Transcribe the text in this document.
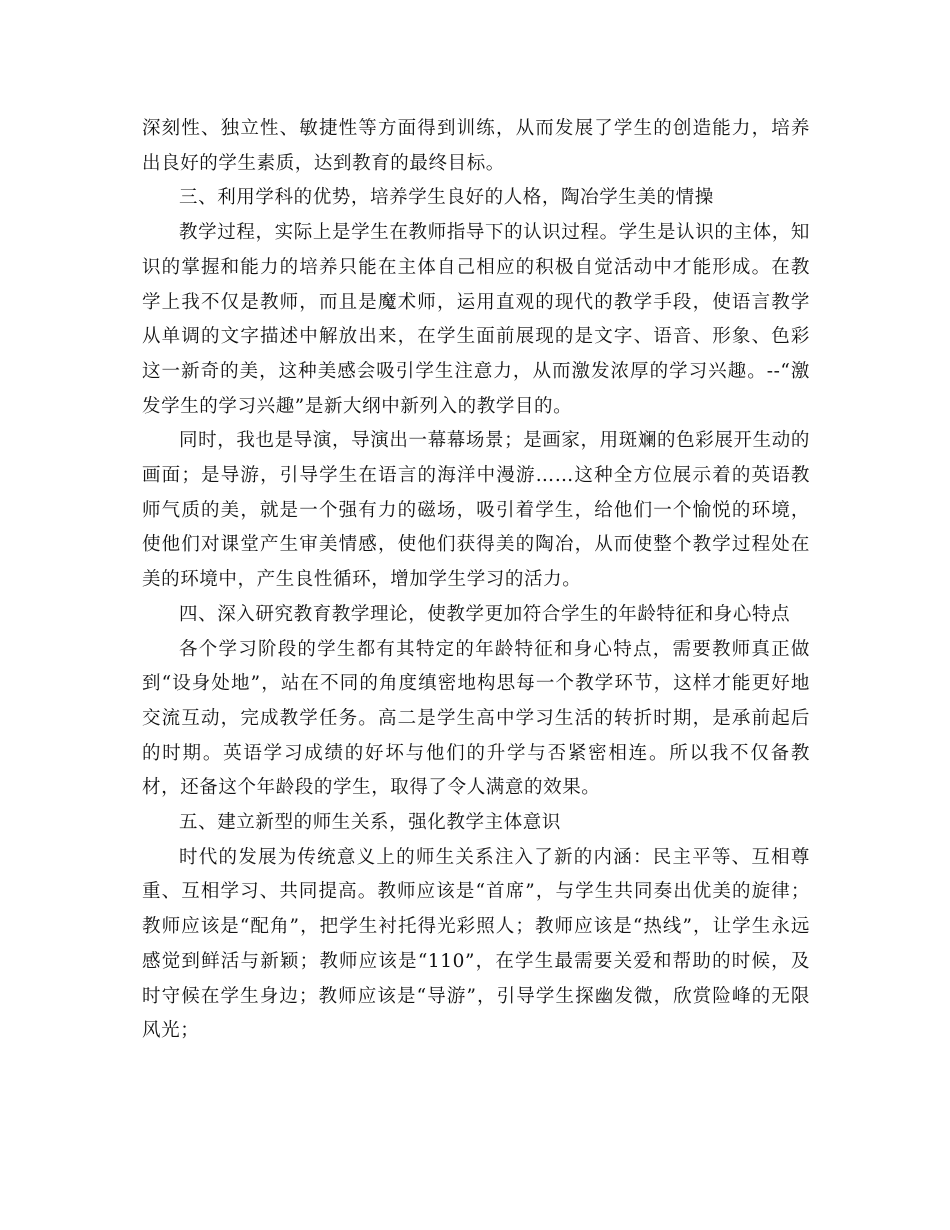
深刻性、独立性、敏捷性等方面得到训练，从而发展了学生的创造能力，培养出良好的学生素质，达到教育的最终目标。

三、利用学科的优势，培养学生良好的人格，陶冶学生美的情操

教学过程，实际上是学生在教师指导下的认识过程。学生是认识的主体，知识的掌握和能力的培养只能在主体自己相应的积极自觉活动中才能形成。在教学上我不仅是教师，而且是魔术师，运用直观的现代的教学手段，使语言教学从单调的文字描述中解放出来，在学生面前展现的是文字、语音、形象、色彩这一新奇的美，这种美感会吸引学生注意力，从而激发浓厚的学习兴趣。--“激发学生的学习兴趣”是新大纲中新列入的教学目的。

同时，我也是导演，导演出一幕幕场景；是画家，用斑斓的色彩展开生动的画面；是导游，引导学生在语言的海洋中漫游……这种全方位展示着的英语教师气质的美，就是一个强有力的磁场，吸引着学生，给他们一个愉悦的环境，使他们对课堂产生审美情感，使他们获得美的陶冶，从而使整个教学过程处在美的环境中，产生良性循环，增加学生学习的活力。

四、深入研究教育教学理论，使教学更加符合学生的年龄特征和身心特点

各个学习阶段的学生都有其特定的年龄特征和身心特点，需要教师真正做到“设身处地”，站在不同的角度缜密地构思每一个教学环节，这样才能更好地交流互动，完成教学任务。高二是学生高中学习生活的转折时期，是承前起后的时期。英语学习成绩的好坏与他们的升学与否紧密相连。所以我不仅备教材，还备这个年龄段的学生，取得了令人满意的效果。

五、建立新型的师生关系，强化教学主体意识

时代的发展为传统意义上的师生关系注入了新的内涵：民主平等、互相尊重、互相学习、共同提高。教师应该是“首席”，与学生共同奏出优美的旋律；教师应该是“配角”，把学生衬托得光彩照人；教师应该是“热线”，让学生永远感觉到鲜活与新颖；教师应该是“110”，在学生最需要关爱和帮助的时候，及时守候在学生身边；教师应该是“导游”，引导学生探幽发微，欣赏险峰的无限风光；
